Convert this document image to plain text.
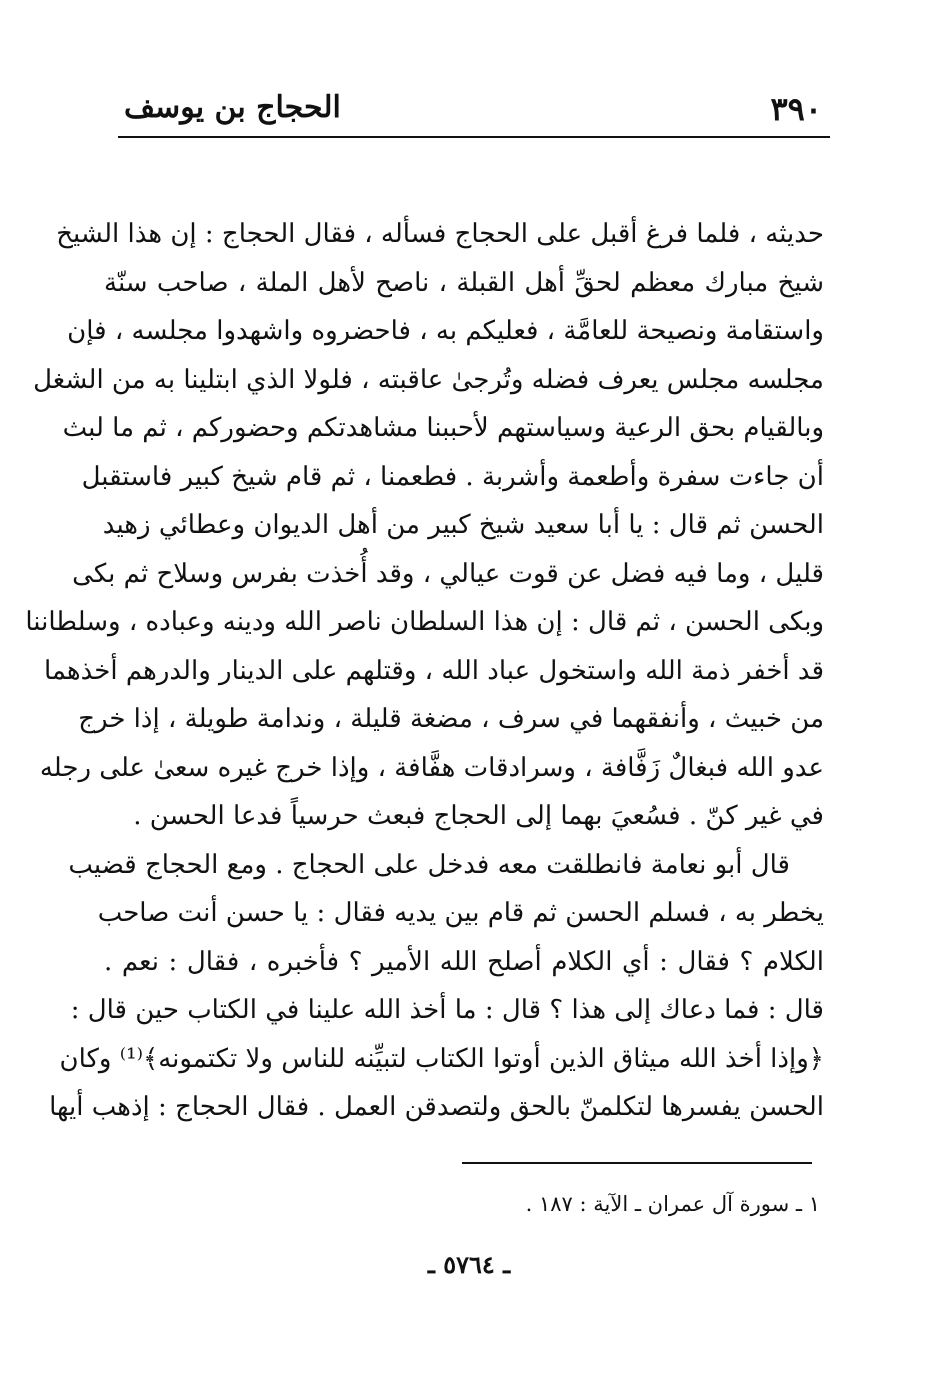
٣٩٠
الحجاج بن يوسف
حديثه ، فلما فرغ أقبل على الحجاج فسأله ، فقال الحجاج : إن هذا الشيخ
شيخ مبارك معظم لحقِّ أهل القبلة ، ناصح لأهل الملة ، صاحب سنّة
واستقامة ونصيحة للعامَّة ، فعليكم به ، فاحضروه واشهدوا مجلسه ، فإن
مجلسه مجلس يعرف فضله وتُرجىٰ عاقبته ، فلولا الذي ابتلينا به من الشغل
وبالقيام بحق الرعية وسياستهم لأحببنا مشاهدتكم وحضوركم ، ثم ما لبث
أن جاءت سفرة وأطعمة وأشربة . فطعمنا ، ثم قام شيخ كبير فاستقبل
الحسن ثم قال : يا أبا سعيد شيخ كبير من أهل الديوان وعطائي زهيد
قليل ، وما فيه فضل عن قوت عيالي ، وقد أُخذت بفرس وسلاح ثم بكى
وبكى الحسن ، ثم قال : إن هذا السلطان ناصر الله ودينه وعباده ، وسلطاننا
قد أخفر ذمة الله واستخول عباد الله ، وقتلهم على الدينار والدرهم أخذهما
من خبيث ، وأنفقهما في سرف ، مضغة قليلة ، وندامة طويلة ، إذا خرج
عدو الله فبغالٌ زَفَّافة ، وسرادقات هفَّافة ، وإذا خرج غيره سعىٰ على رجله
في غير كنّ . فسُعيَ بهما إلى الحجاج فبعث حرسياً فدعا الحسن .
قال أبو نعامة فانطلقت معه فدخل على الحجاج . ومع الحجاج قضيب
يخطر به ، فسلم الحسن ثم قام بين يديه فقال : يا حسن أنت صاحب
الكلام ؟ فقال : أي الكلام أصلح الله الأمير ؟ فأخبره ، فقال : نعم .
قال : فما دعاك إلى هذا ؟ قال : ما أخذ الله علينا في الكتاب حين قال :
﴿وإذا أخذ الله ميثاق الذين أوتوا الكتاب لتبيِّنه للناس ولا تكتمونه﴾⁽¹⁾ وكان
الحسن يفسرها لتكلمنّ بالحق ولتصدقن العمل . فقال الحجاج : إذهب أيها
١ ـ سورة آل عمران ـ الآية : ١٨٧ .
ـ ٥٧٦٤ ـ
